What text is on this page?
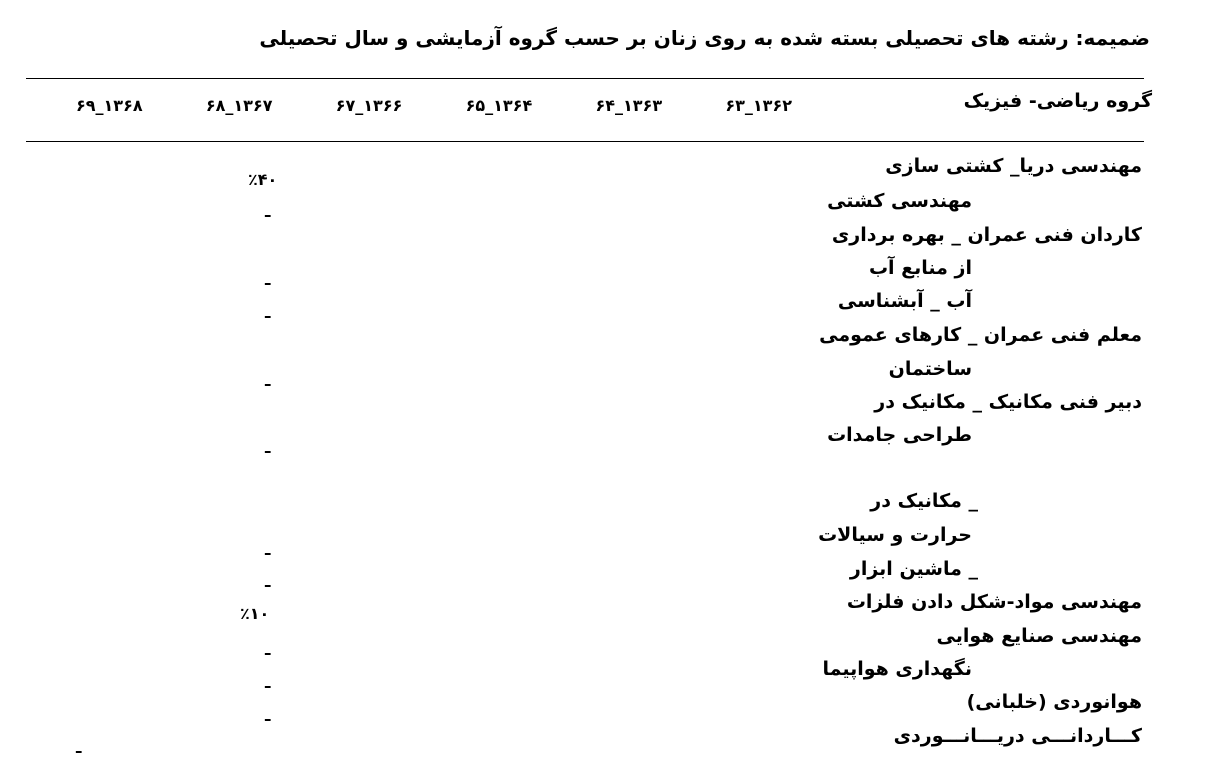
ضمیمه: رشته های تحصیلی بسته شده به روی زنان بر حسب گروه آزمایشی و سال تحصیلی
گروه ریاضی- فیزیک
۶۳_۱۳۶۲
۶۴_۱۳۶۳
۶۵_۱۳۶۴
۶۷_۱۳۶۶
۶۸_۱۳۶۷
۶۹_۱۳۶۸
مهندسی دریا_ کشتی سازی
مهندسی کشتی
کاردان فنی عمران _ بهره برداری
از منابع آب
آب _ آبشناسی
معلم فنی عمران _ کارهای عمومی
ساختمان
دبیر فنی مکانیک _ مکانیک در
طراحی جامدات
_ مکانیک در
حرارت و سیالات
_ ماشین ابزار
مهندسی مواد-شکل دادن فلزات
مهندسی صنایع هوایی
نگهداری هواپیما
هوانوردی (خلبانی)
کـــاردانـــی دریـــانـــوردی
٪۴۰
ـ
ـ
ـ
ـ
ـ
ـ
ـ
٪۱۰
ـ
ـ
ـ
ـ
